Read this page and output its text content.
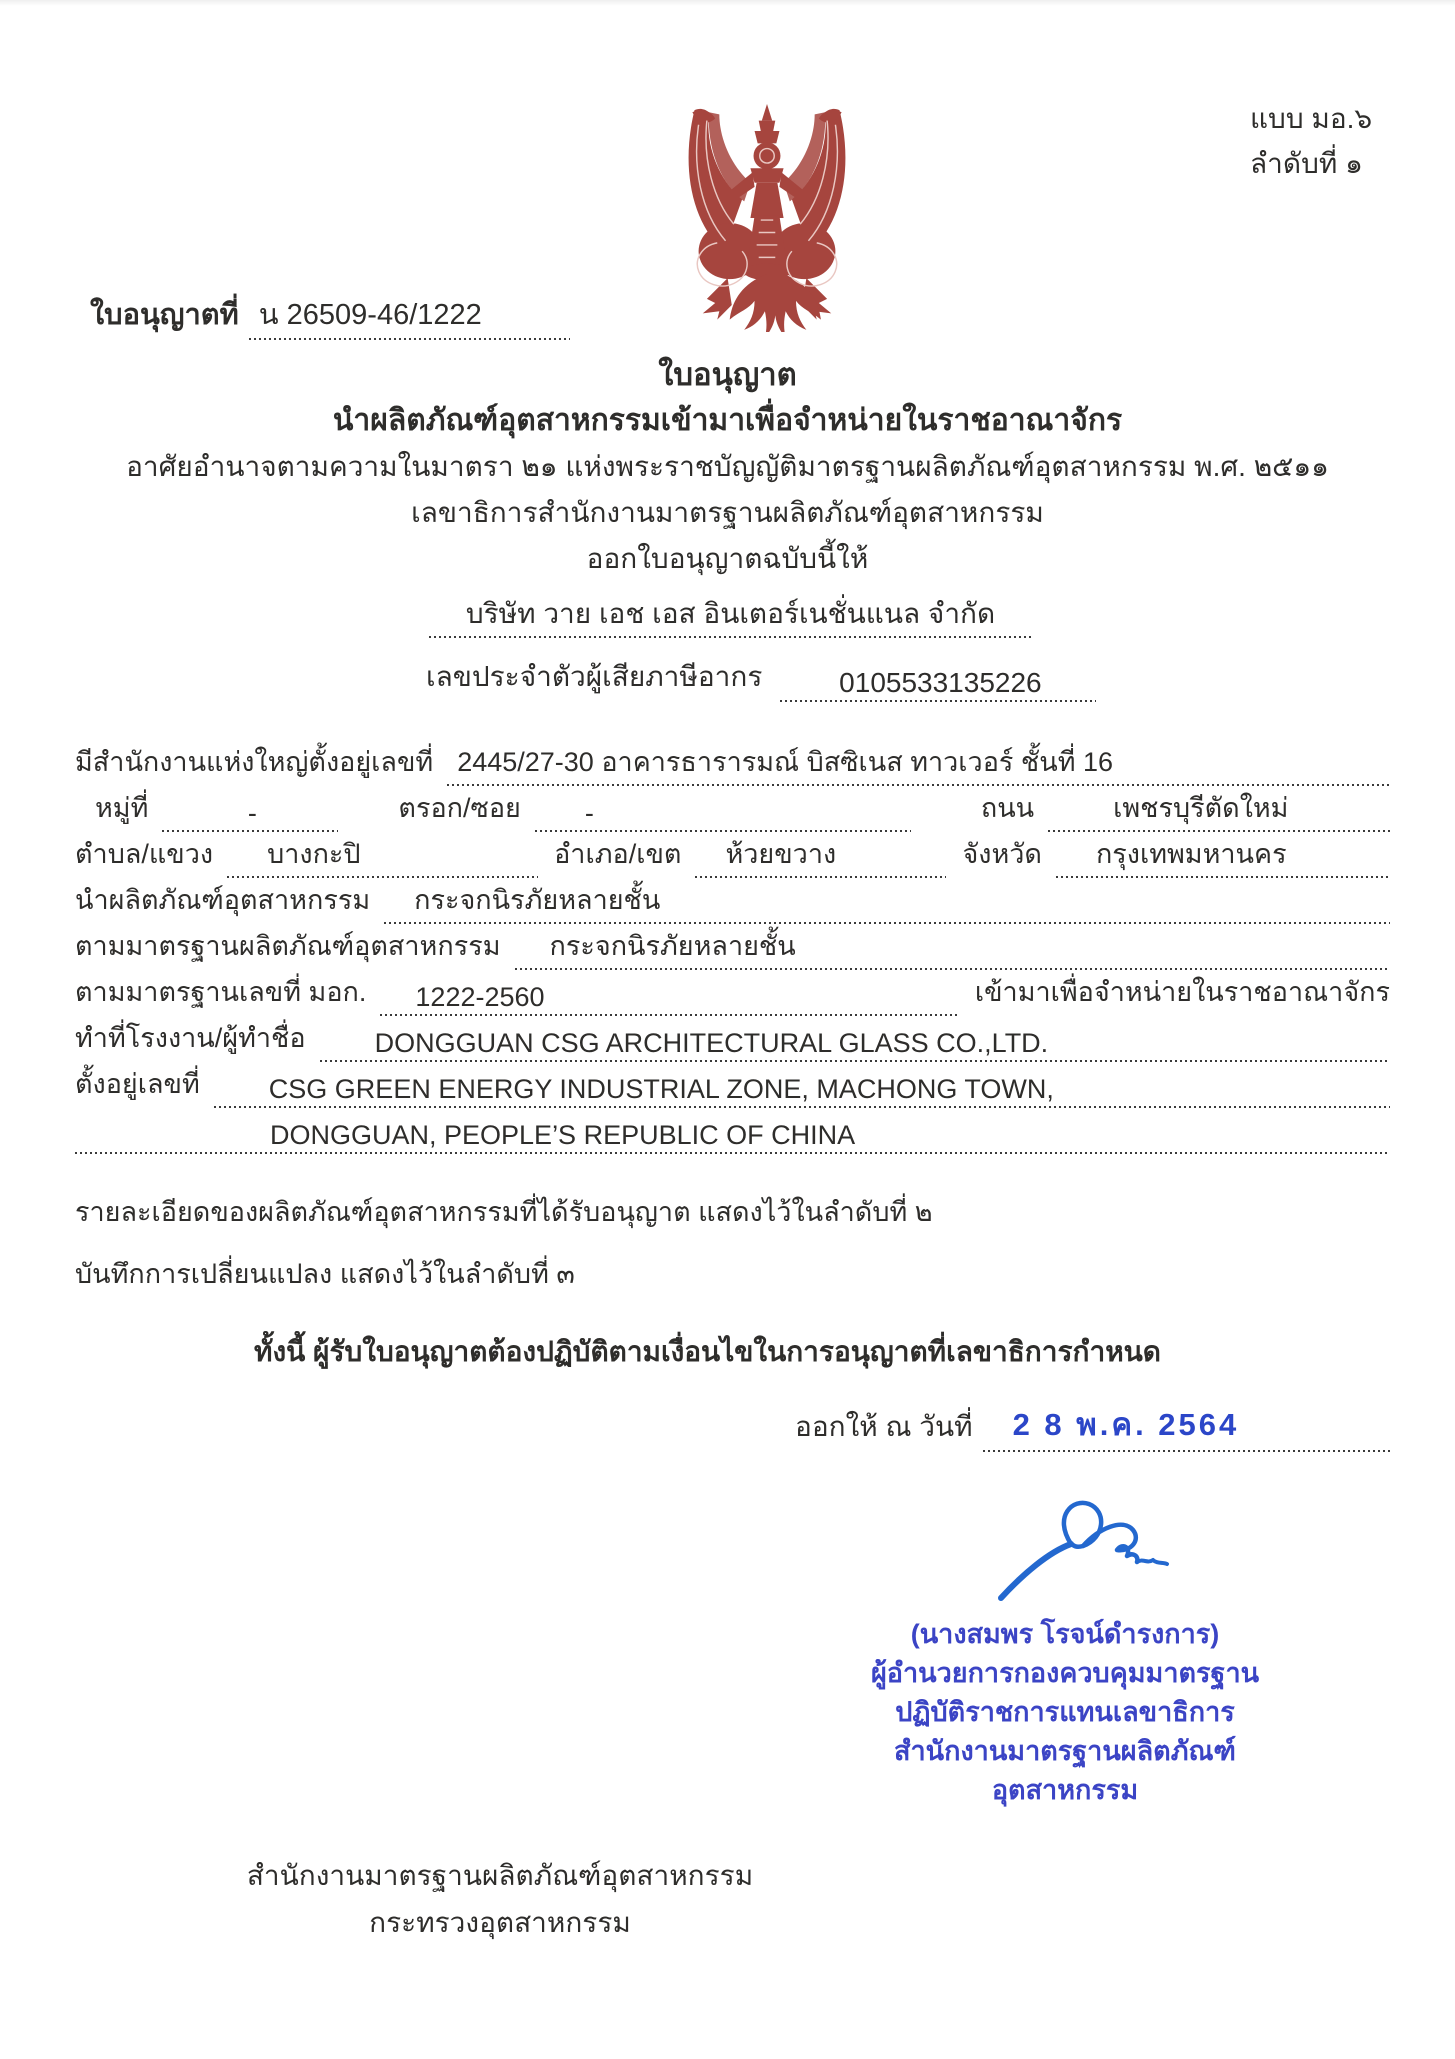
แบบ มอ.๖
ลำดับที่ ๑
ใบอนุญาตที่ น 26509-46/1222
ใบอนุญาต
นำผลิตภัณฑ์อุตสาหกรรมเข้ามาเพื่อจำหน่ายในราชอาณาจักร
อาศัยอำนาจตามความในมาตรา ๒๑ แห่งพระราชบัญญัติมาตรฐานผลิตภัณฑ์อุตสาหกรรม พ.ศ. ๒๕๑๑
เลขาธิการสำนักงานมาตรฐานผลิตภัณฑ์อุตสาหกรรม
ออกใบอนุญาตฉบับนี้ให้
บริษัท วาย เอช เอส อินเตอร์เนชั่นแนล จำกัด
เลขประจำตัวผู้เสียภาษีอากร	0105533135226
มีสำนักงานแห่งใหญ่ตั้งอยู่เลขที่ 2445/27-30 อาคารธารารมณ์ บิสซิเนส ทาวเวอร์ ชั้นที่ 16
หมู่ที่	-	ตรอก/ซอย	-	ถนน	เพชรบุรีตัดใหม่
ตำบล/แขวง	บางกะปิ	อำเภอ/เขต	ห้วยขวาง	จังหวัด	กรุงเทพมหานคร
นำผลิตภัณฑ์อุตสาหกรรม	กระจกนิรภัยหลายชั้น
ตามมาตรฐานผลิตภัณฑ์อุตสาหกรรม	กระจกนิรภัยหลายชั้น
ตามมาตรฐานเลขที่ มอก.	1222-2560	เข้ามาเพื่อจำหน่ายในราชอาณาจักร
ทำที่โรงงาน/ผู้ทำชื่อ	DONGGUAN CSG ARCHITECTURAL GLASS CO.,LTD.
ตั้งอยู่เลขที่	CSG GREEN ENERGY INDUSTRIAL ZONE, MACHONG TOWN,
DONGGUAN, PEOPLE’S REPUBLIC OF CHINA
รายละเอียดของผลิตภัณฑ์อุตสาหกรรมที่ได้รับอนุญาต แสดงไว้ในลำดับที่ ๒
บันทึกการเปลี่ยนแปลง แสดงไว้ในลำดับที่ ๓
ทั้งนี้ ผู้รับใบอนุญาตต้องปฏิบัติตามเงื่อนไขในการอนุญาตที่เลขาธิการกำหนด
ออกให้ ณ วันที่	2 8 พ.ค. 2564
(นางสมพร โรจน์ดำรงการ)
ผู้อำนวยการกองควบคุมมาตรฐาน
ปฏิบัติราชการแทนเลขาธิการ
สำนักงานมาตรฐานผลิตภัณฑ์อุตสาหกรรม
สำนักงานมาตรฐานผลิตภัณฑ์อุตสาหกรรม
กระทรวงอุตสาหกรรม
